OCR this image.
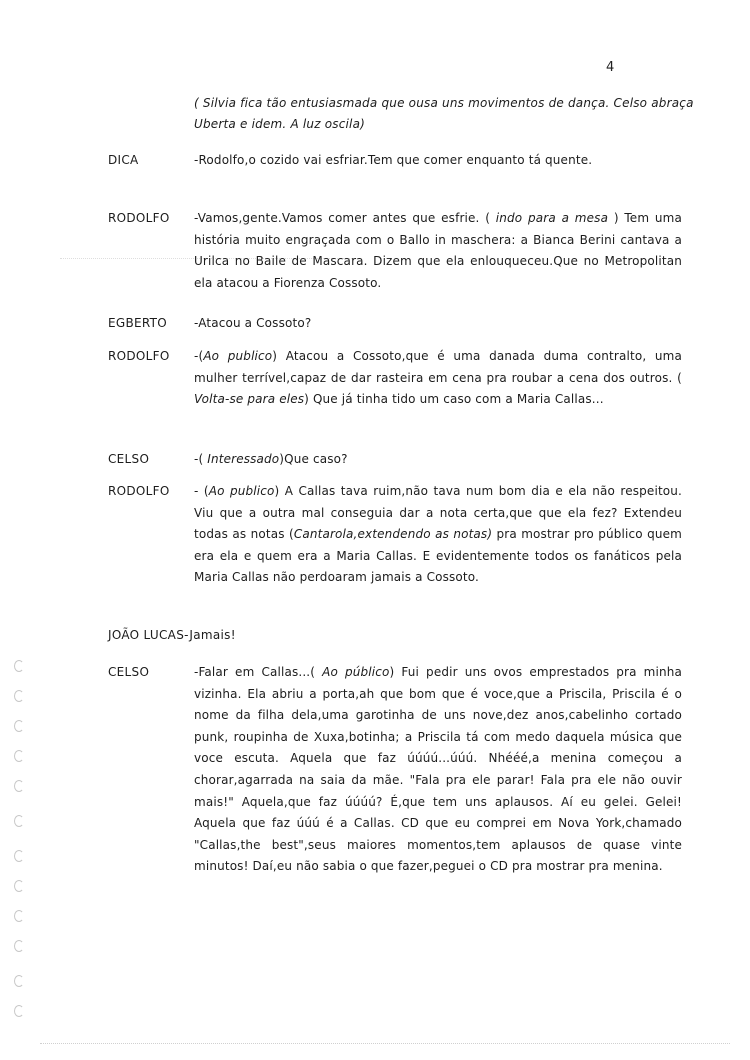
4
( Silvia fica tão entusiasmada que ousa uns movimentos de dança. Celso abraça Uberta e idem. A luz oscila)
DICA	-Rodolfo,o cozido vai esfriar.Tem que comer enquanto tá quente.
RODOLFO -Vamos,gente.Vamos comer antes que esfrie. ( indo para a mesa ) Tem uma história muito engraçada com o Ballo in maschera: a Bianca Berini cantava a Urilca no Baile de Mascara. Dizem que ela enlouqueceu.Que no Metropolitan ela atacou a Fiorenza Cossoto.
EGBERTO -Atacou a Cossoto?
RODOLFO -(Ao publico) Atacou a Cossoto,que é uma danada duma contralto, uma mulher terrível,capaz de dar rasteira em cena pra roubar a cena dos outros. ( Volta-se para eles) Que já tinha tido um caso com a Maria Callas...
CELSO	-( Interessado)Que caso?
RODOLFO - (Ao publico) A Callas tava ruim,não tava num bom dia e ela não respeitou. Viu que a outra mal conseguia dar a nota certa,que que ela fez? Extendeu todas as notas (Cantarola,extendendo as notas) pra mostrar pro público quem era ela e quem era a Maria Callas. E evidentemente todos os fanáticos pela Maria Callas não perdoaram jamais a Cossoto.
JOÃO LUCAS-Jamais!
CELSO	-Falar em Callas...( Ao público) Fui pedir uns ovos emprestados pra minha vizinha. Ela abriu a porta,ah que bom que é voce,que a Priscila, Priscila é o nome da filha dela,uma garotinha de uns nove,dez anos,cabelinho cortado punk, roupinha de Xuxa,botinha; a Priscila tá com medo daquela música que voce escuta. Aquela que faz úúúú...úúú. Nhééé,a menina começou a chorar,agarrada na saia da mãe. "Fala pra ele parar! Fala pra ele não ouvir mais!" Aquela,que faz úúúú? É,que tem uns aplausos. Aí eu gelei. Gelei! Aquela que faz úúú é a Callas. CD que eu comprei em Nova York,chamado "Callas,the best",seus maiores momentos,tem aplausos de quase vinte minutos! Daí,eu não sabia o que fazer,peguei o CD pra mostrar pra menina.
